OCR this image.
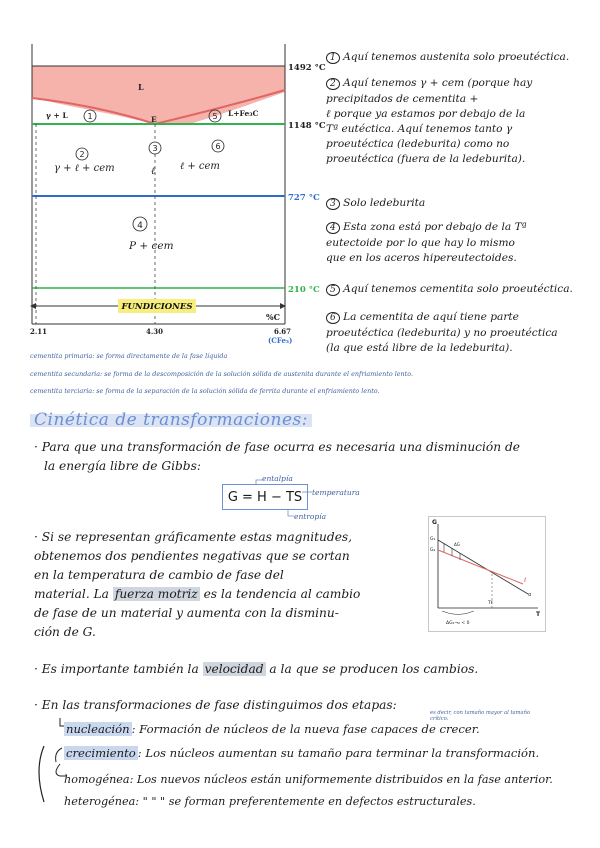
FUNDICIONES
1492 °C
1148 °C
727 °C
210 °C
L
γ + L	L+Fe₃C
E
γ + ℓ + cem	ℓ + cem
ℓ
P + cem
1
2
3
4
5
6
%C
2.11	4.30	6.67
(CFe₃)
1 Aquí tenemos austenita solo proeutéctica.
2 Aquí tenemos γ + cem (porque hay
precipitados de cementita +
ℓ porque ya estamos por debajo de la
Tª eutéctica. Aquí tenemos tanto γ
proeutéctica (ledeburita) como no
proeutéctica (fuera de la ledeburita).
3 Solo ledeburita
4 Esta zona está por debajo de la Tª
eutectoide por lo que hay lo mismo
que en los aceros hipereutectoides.
5 Aquí tenemos cementita solo proeutéctica.
6 La cementita de aquí tiene parte
proeutéctica (ledeburita) y no proeutéctica
(la que está libre de la ledeburita).
cementita primaria: se forma directamente de la fase líquida
cementita secundaria: se forma de la descomposición de la solución sólida de austenita durante el enfriamiento lento.
cementita terciaria: se forma de la separación de la solución sólida de ferrita durante el enfriamiento lento.
Cinética de transformaciones:
· Para que una transformación de fase ocurra es necesaria una disminución de
la energía libre de Gibbs:
G = H − TS
entalpía
temperatura
entropía
· Si se representan gráficamente estas magnitudes,
obtenemos dos pendientes negativas que se cortan
en la temperatura de cambio de fase del
material. La fuerza motriz es la tendencia al cambio
de fase de un material y aumenta con la disminu-
ción de G.
G
T
G₁
G₂
ΔG
Tf
ℓ
α
ΔG₁→₂ < 0
· Es importante también la velocidad a la que se producen los cambios.
· En las transformaciones de fase distinguimos dos etapas:
nucleación : Formación de núcleos de la nueva fase capaces de crecer.
es decir, con tamaño mayor al tamaño crítico.
crecimiento : Los núcleos aumentan su tamaño para terminar la transformación.
homogénea: Los nuevos núcleos están uniformemente distribuidos en la fase anterior.
heterogénea: " " " se forman preferentemente en defectos estructurales.
